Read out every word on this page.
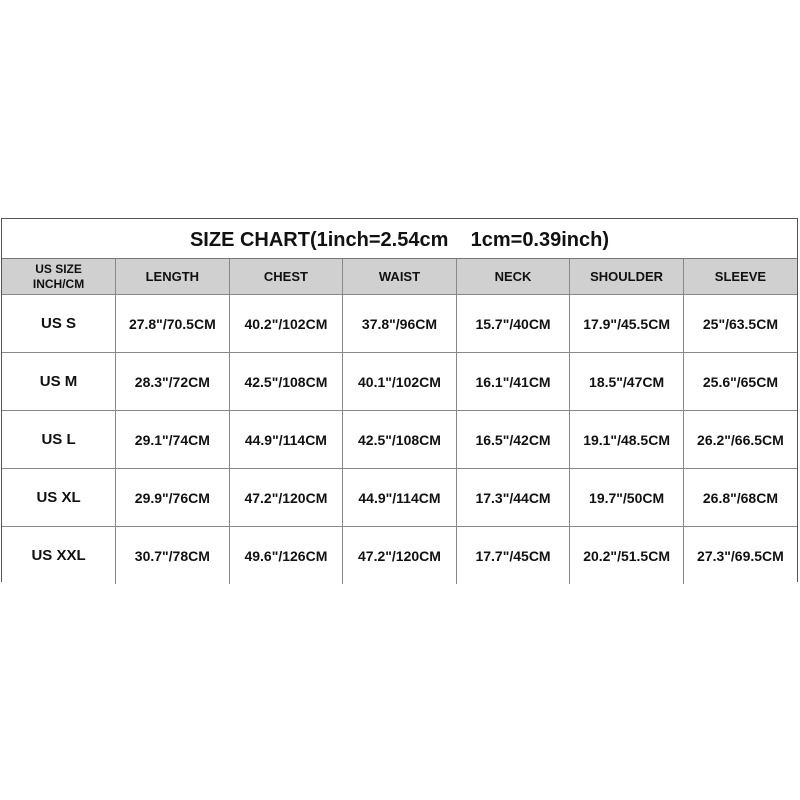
SIZE CHART(1inch=2.54cm    1cm=0.39inch)
US SIZE
INCH/CM	LENGTH	CHEST	WAIST	NECK	SHOULDER	SLEEVE
US S	27.8"/70.5CM	40.2"/102CM	37.8"/96CM	15.7"/40CM	17.9"/45.5CM	25"/63.5CM
US M	28.3"/72CM	42.5"/108CM	40.1"/102CM	16.1"/41CM	18.5"/47CM	25.6"/65CM
US L	29.1"/74CM	44.9"/114CM	42.5"/108CM	16.5"/42CM	19.1"/48.5CM	26.2"/66.5CM
US XL	29.9"/76CM	47.2"/120CM	44.9"/114CM	17.3"/44CM	19.7"/50CM	26.8"/68CM
US XXL	30.7"/78CM	49.6"/126CM	47.2"/120CM	17.7"/45CM	20.2"/51.5CM	27.3"/69.5CM
